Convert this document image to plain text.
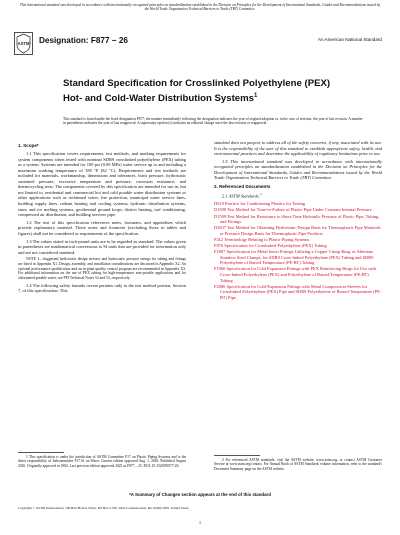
This international standard was developed in accordance with internationally recognized principles on standardization established in the Decision on Principles for the Development of International Standards, Guides and Recommendations issued by the World Trade Organization Technical Barriers to Trade (TBT) Committee.
ASTM Designation: F877 − 26	An American National Standard
Standard Specification for Crosslinked Polyethylene (PEX) Hot- and Cold-Water Distribution Systems$^1$
This standard is issued under the fixed designation F877; the number immediately following the designation indicates the year of original adoption or, in the case of revision, the year of last revision. A number in parentheses indicates the year of last reapproval. A superscript epsilon (ε) indicates an editorial change since the last revision or reapproval.
1. Scope*

1.1 This specification covers requirements, test methods, and marking requirements for system components when tested with nominal SDR9 crosslinked polyethylene (PEX) tubing as a system. Systems are intended for 100 psi (0.69 MPa) water service up to and including a maximum working temperature of 180 °F (82 °C). Requirements and test methods are included for materials, workmanship, dimensions and tolerances, burst pressure, hydrostatic sustained pressure, excessive temperature and pressure, corrosion resistance, and thermocycling tests. The components covered by this specification are intended for use in, but not limited to, residential and commercial hot and cold potable water distribution systems or other applications such as reclaimed water, fire protection, municipal water service lines, building supply lines, radiant heating and cooling systems, hydronic distribution systems, snow and ice melting systems, geothermal ground loops, district heating, turf conditioning, compressed air distribution, and building services pipe.

1.2 The text of this specification references notes, footnotes, and appendixes which provide explanatory material. These notes and footnotes (excluding those in tables and figures) shall not be considered as requirements of the specification.

1.3 The values stated in inch-pound units are to be regarded as standard. The values given in parentheses are mathematical conversions to SI units that are provided for information only and are not considered standard.

NOTE 1—Suggested hydrostatic design stresses and hydrostatic pressure ratings for tubing and fittings are listed in Appendix X1. Design, assembly, and installation considerations are discussed in Appendix X2. An optional performance qualification and an in-plant quality control program are recommended in Appendix X3. For additional information on the use of PEX tubing for high-temperature non-potable applications and for chlorinated potable water, see PPI Technical Notes 52 and 53, respectively.

1.4 The following safety hazards caveat pertains only to the test method portion, Section 7, of this specification: This

standard does not purport to address all of the safety concerns, if any, associated with its use. It is the responsibility of the user of this standard to establish appropriate safety, health, and environmental practices and determine the applicability of regulatory limitations prior to use.

1.5 This international standard was developed in accordance with internationally recognized principles on standardization established in the Decision on Principles for the Development of International Standards, Guides and Recommendations issued by the World Trade Organization Technical Barriers to Trade (TBT) Committee.

2. Referenced Documents
2.1 ASTM Standards:$^2$
D618 Practice for Conditioning Plastics for Testing
D1598 Test Method for Time-to-Failure of Plastic Pipe Under Constant Internal Pressure
D1599 Test Method for Resistance to Short-Time Hydraulic Pressure of Plastic Pipe, Tubing, and Fittings
D2837 Test Method for Obtaining Hydrostatic Design Basis for Thermoplastic Pipe Materials or Pressure Design Basis for Thermoplastic Pipe Products
F412 Terminology Relating to Plastic Piping Systems
F876 Specification for Crosslinked Polyethylene (PEX) Tubing
F1807 Specification for Metal Insert Fittings Utilizing a Copper Crimp Ring, or Alternate Stainless Steel Clamps, for SDR9 Cross-linked Polyethylene (PEX) Tubing and SDR9 Polyethylene of Raised Temperature (PE-RT) Tubing
F1960 Specification for Cold Expansion Fittings with PEX Reinforcing Rings for Use with Cross-linked Polyethylene (PEX) and Polyethylene of Raised Temperature (PE-RT) Tubing
F2080 Specification for Cold-Expansion Fittings with Metal Compression-Sleeves for Crosslinked Polyethylene (PEX) Pipe and SDR9 Polyethylene of Raised Temperature (PE-RT) Pipe

1 This specification is under the jurisdiction of ASTM Committee F17 on Plastic Piping Systems and is the direct responsibility of Subcommittee F17.61 on Water. Current edition approved Aug. 1, 2026. Published August 2026. Originally approved in 1984. Last previous edition approved 2025 as F877 – 25. DOI: 10.1520/F0877-26.

2 For referenced ASTM standards, visit the ASTM website, www.astm.org, or contact ASTM Customer Service at www.astm.org/contact. For Annual Book of ASTM Standards volume information, refer to the standard's Document Summary page on the ASTM website.

*A Summary of Changes section appears at the end of this standard
Copyright © ASTM International, 100 Barr Harbor Drive, PO Box C700, West Conshohocken, PA 19428-2959. United States
1
